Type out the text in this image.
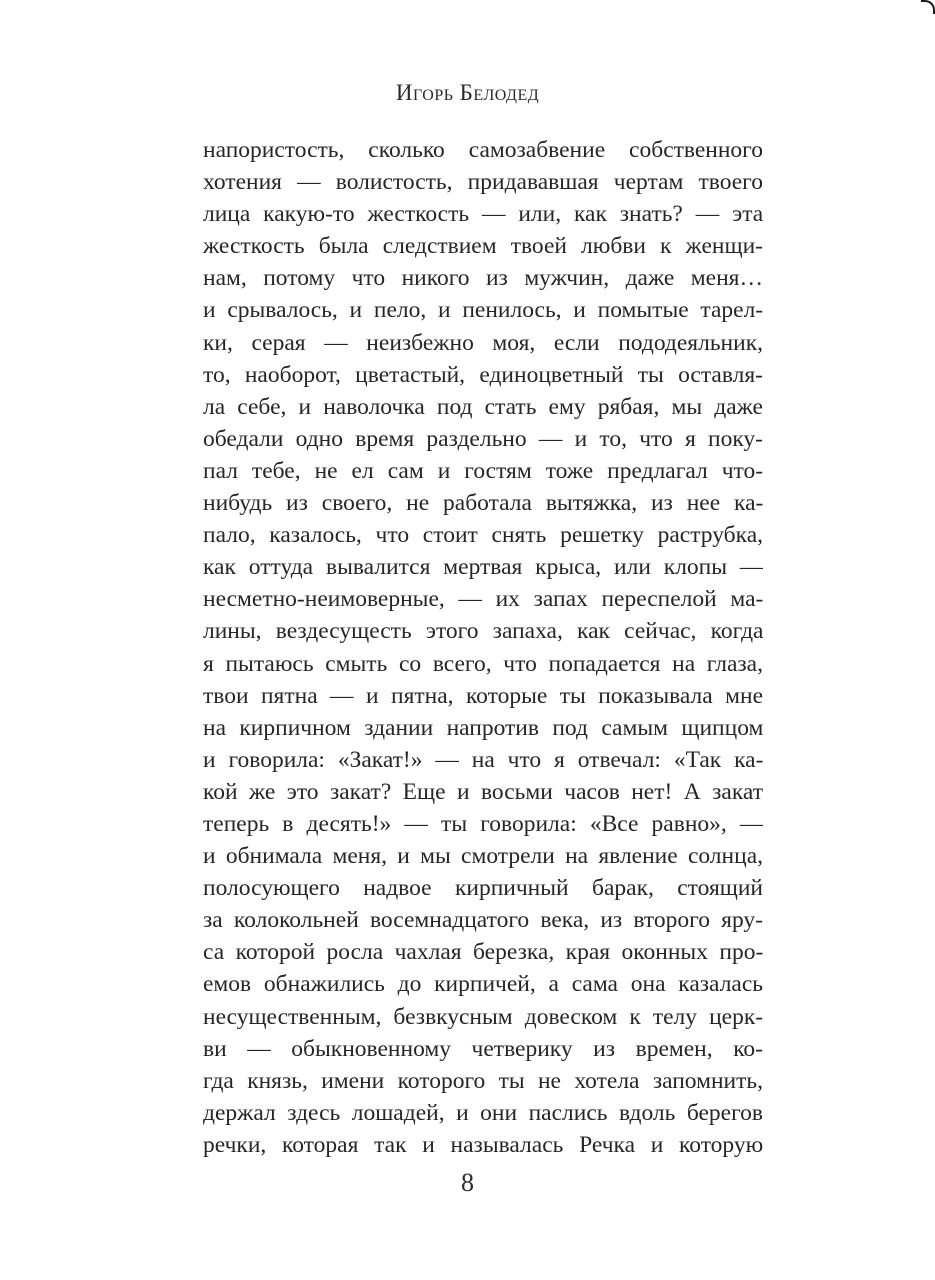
Игорь Белодед
напористость, сколько самозабвение собственного
хотения — волистость, придававшая чертам твоего
лица какую-то жесткость — или, как знать? — эта
жесткость была следствием твоей любви к женщи-
нам, потому что никого из мужчин, даже меня…
и срывалось, и пело, и пенилось, и помытые тарел-
ки, серая — неизбежно моя, если пододеяльник,
то, наоборот, цветастый, единоцветный ты оставля-
ла себе, и наволочка под стать ему рябая, мы даже
обедали одно время раздельно — и то, что я поку-
пал тебе, не ел сам и гостям тоже предлагал что-
нибудь из своего, не работала вытяжка, из нее ка-
пало, казалось, что стоит снять решетку раструбка,
как оттуда вывалится мертвая крыса, или клопы —
несметно-неимоверные, — их запах переспелой ма-
лины, вездесущесть этого запаха, как сейчас, когда
я пытаюсь смыть со всего, что попадается на глаза,
твои пятна — и пятна, которые ты показывала мне
на кирпичном здании напротив под самым щипцом
и говорила: «Закат!» — на что я отвечал: «Так ка-
кой же это закат? Еще и восьми часов нет! А закат
теперь в десять!» — ты говорила: «Все равно», —
и обнимала меня, и мы смотрели на явление солнца,
полосующего надвое кирпичный барак, стоящий
за колокольней восемнадцатого века, из второго яру-
са которой росла чахлая березка, края оконных про-
емов обнажились до кирпичей, а сама она казалась
несущественным, безвкусным довеском к телу церк-
ви — обыкновенному четверику из времен, ко-
гда князь, имени которого ты не хотела запомнить,
держал здесь лошадей, и они паслись вдоль берегов
речки, которая так и называлась Речка и которую
8
